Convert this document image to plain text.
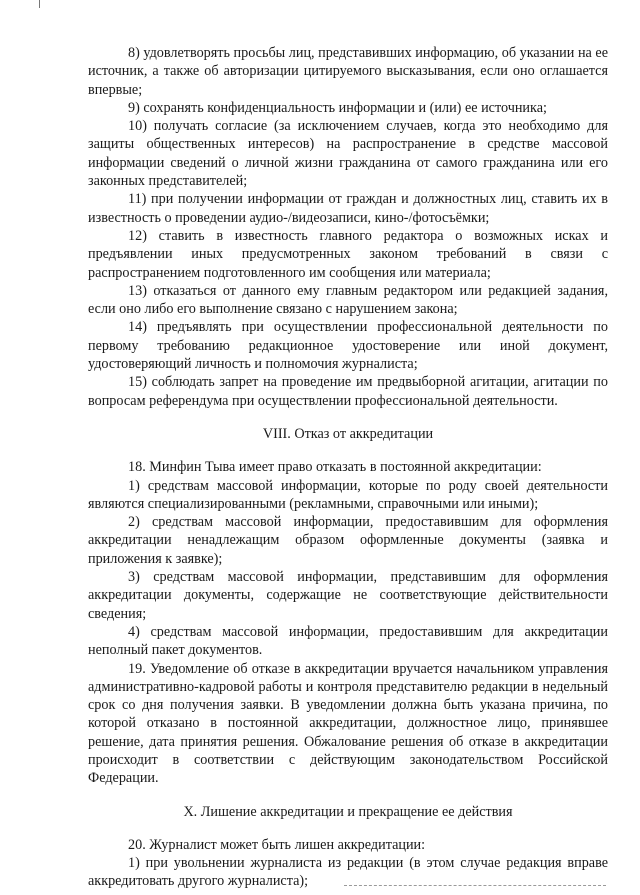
8) удовлетворять просьбы лиц, представивших информацию, об указании на ее источник, а также об авторизации цитируемого высказывания, если оно оглашается впервые;

9) сохранять конфиденциальность информации и (или) ее источника;

10) получать согласие (за исключением случаев, когда это необходимо для защиты общественных интересов) на распространение в средстве массовой информации сведений о личной жизни гражданина от самого гражданина или его законных представителей;

11) при получении информации от граждан и должностных лиц, ставить их в известность о проведении аудио-/видеозаписи, кино-/фотосъёмки;

12) ставить в известность главного редактора о возможных исках и предъявлении иных предусмотренных законом требований в связи с распространением подготовленного им сообщения или материала;

13) отказаться от данного ему главным редактором или редакцией задания, если оно либо его выполнение связано с нарушением закона;

14) предъявлять при осуществлении профессиональной деятельности по первому требованию редакционное удостоверение или иной документ, удостоверяющий личность и полномочия журналиста;

15) соблюдать запрет на проведение им предвыборной агитации, агитации по вопросам референдума при осуществлении профессиональной деятельности.

VIII. Отказ от аккредитации

18. Минфин Тыва имеет право отказать в постоянной аккредитации:

1) средствам массовой информации, которые по роду своей деятельности являются специализированными (рекламными, справочными или иными);

2) средствам массовой информации, предоставившим для оформления аккредитации ненадлежащим образом оформленные документы (заявка и приложения к заявке);

3) средствам массовой информации, представившим для оформления аккредитации документы, содержащие не соответствующие действительности сведения;

4) средствам массовой информации, предоставившим для аккредитации неполный пакет документов.

19. Уведомление об отказе в аккредитации вручается начальником управления административно-кадровой работы и контроля представителю редакции в недельный срок со дня получения заявки. В уведомлении должна быть указана причина, по которой отказано в постоянной аккредитации, должностное лицо, принявшее решение, дата принятия решения. Обжалование решения об отказе в аккредитации происходит в соответствии с действующим законодательством Российской Федерации.

X. Лишение аккредитации и прекращение ее действия

20. Журналист может быть лишен аккредитации:

1) при увольнении журналиста из редакции (в этом случае редакция вправе аккредитовать другого журналиста);
